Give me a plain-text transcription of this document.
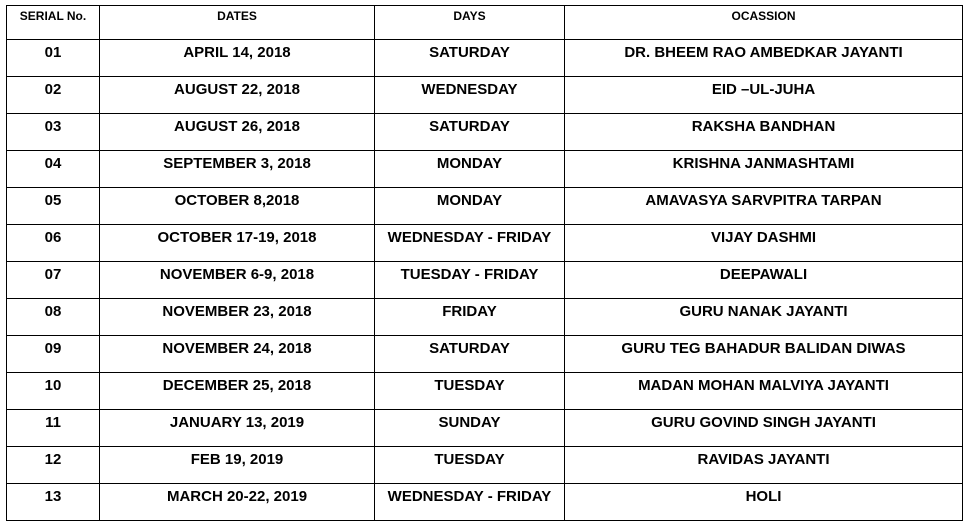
SERIAL No.	DATES	DAYS	OCASSION
01	APRIL 14, 2018	SATURDAY	DR. BHEEM RAO AMBEDKAR JAYANTI
02	AUGUST 22, 2018	WEDNESDAY	EID –UL-JUHA
03	AUGUST 26, 2018	SATURDAY	RAKSHA BANDHAN
04	SEPTEMBER 3, 2018	MONDAY	KRISHNA JANMASHTAMI
05	OCTOBER 8,2018	MONDAY	AMAVASYA SARVPITRA TARPAN
06	OCTOBER 17-19, 2018	WEDNESDAY - FRIDAY	VIJAY DASHMI
07	NOVEMBER 6-9, 2018	TUESDAY - FRIDAY	DEEPAWALI
08	NOVEMBER 23, 2018	FRIDAY	GURU NANAK JAYANTI
09	NOVEMBER 24, 2018	SATURDAY	GURU TEG BAHADUR BALIDAN DIWAS
10	DECEMBER 25, 2018	TUESDAY	MADAN MOHAN MALVIYA JAYANTI
11	JANUARY 13, 2019	SUNDAY	GURU GOVIND SINGH JAYANTI
12	FEB 19, 2019	TUESDAY	RAVIDAS JAYANTI
13	MARCH 20-22, 2019	WEDNESDAY - FRIDAY	HOLI
